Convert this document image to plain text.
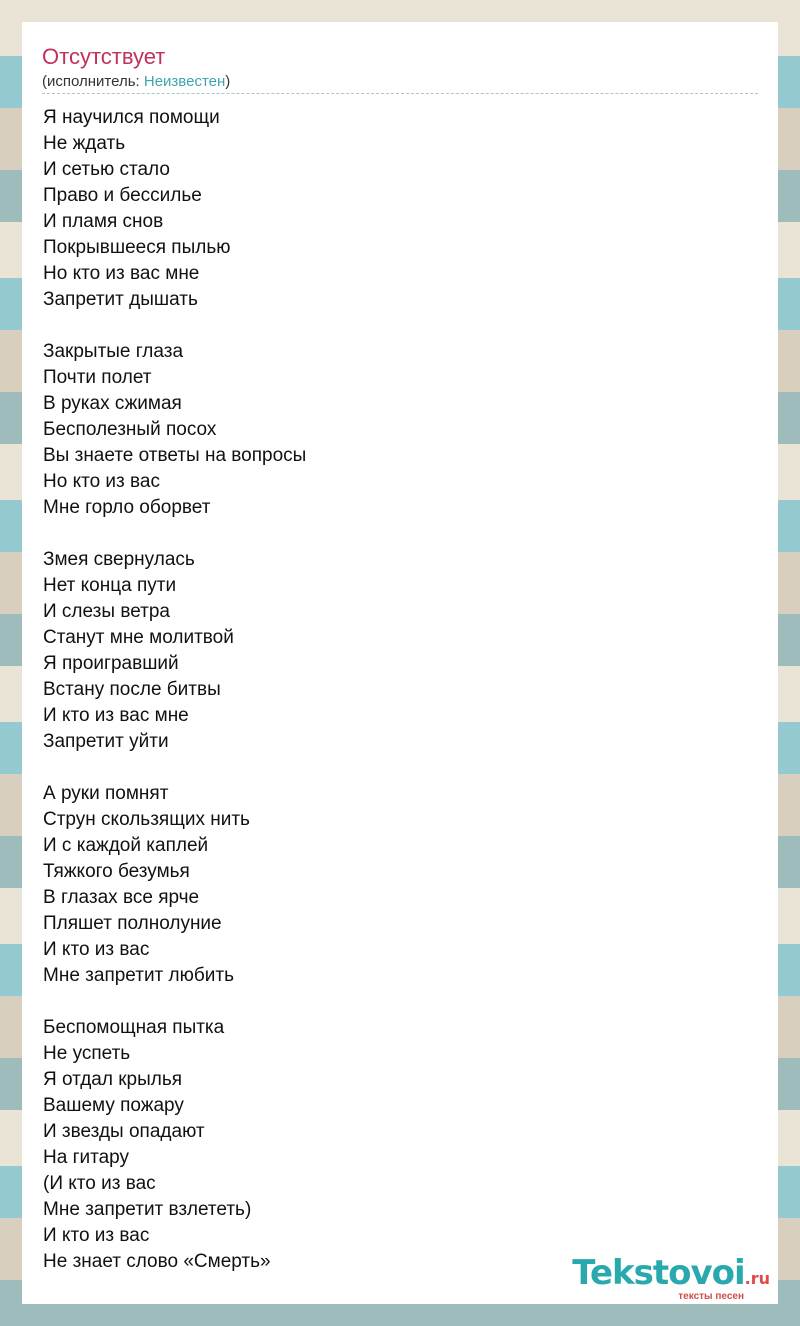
Отсутствует
(исполнитель: Неизвестен)
Я научился помощи
Не ждать
И сетью стало
Право и бессилье
И пламя снов
Покрывшееся пылью
Но кто из вас мне
Запретит дышать
Закрытые глаза
Почти полет
В руках сжимая
Бесполезный посох
Вы знаете ответы на вопросы
Но кто из вас
Мне горло оборвет
Змея свернулась
Нет конца пути
И слезы ветра
Станут мне молитвой
Я проигравший
Встану после битвы
И кто из вас мне
Запретит уйти
А руки помнят
Струн скользящих нить
И с каждой каплей
Тяжкого безумья
В глазах все ярче
Пляшет полнолуние
И кто из вас
Мне запретит любить
Беспомощная пытка
Не успеть
Я отдал крылья
Вашему пожару
И звезды опадают
На гитару
(И кто из вас
Мне запретит взлететь)
И кто из вас
Не знает слово «Смерть»	Tekstovoi.ru
тексты песен
